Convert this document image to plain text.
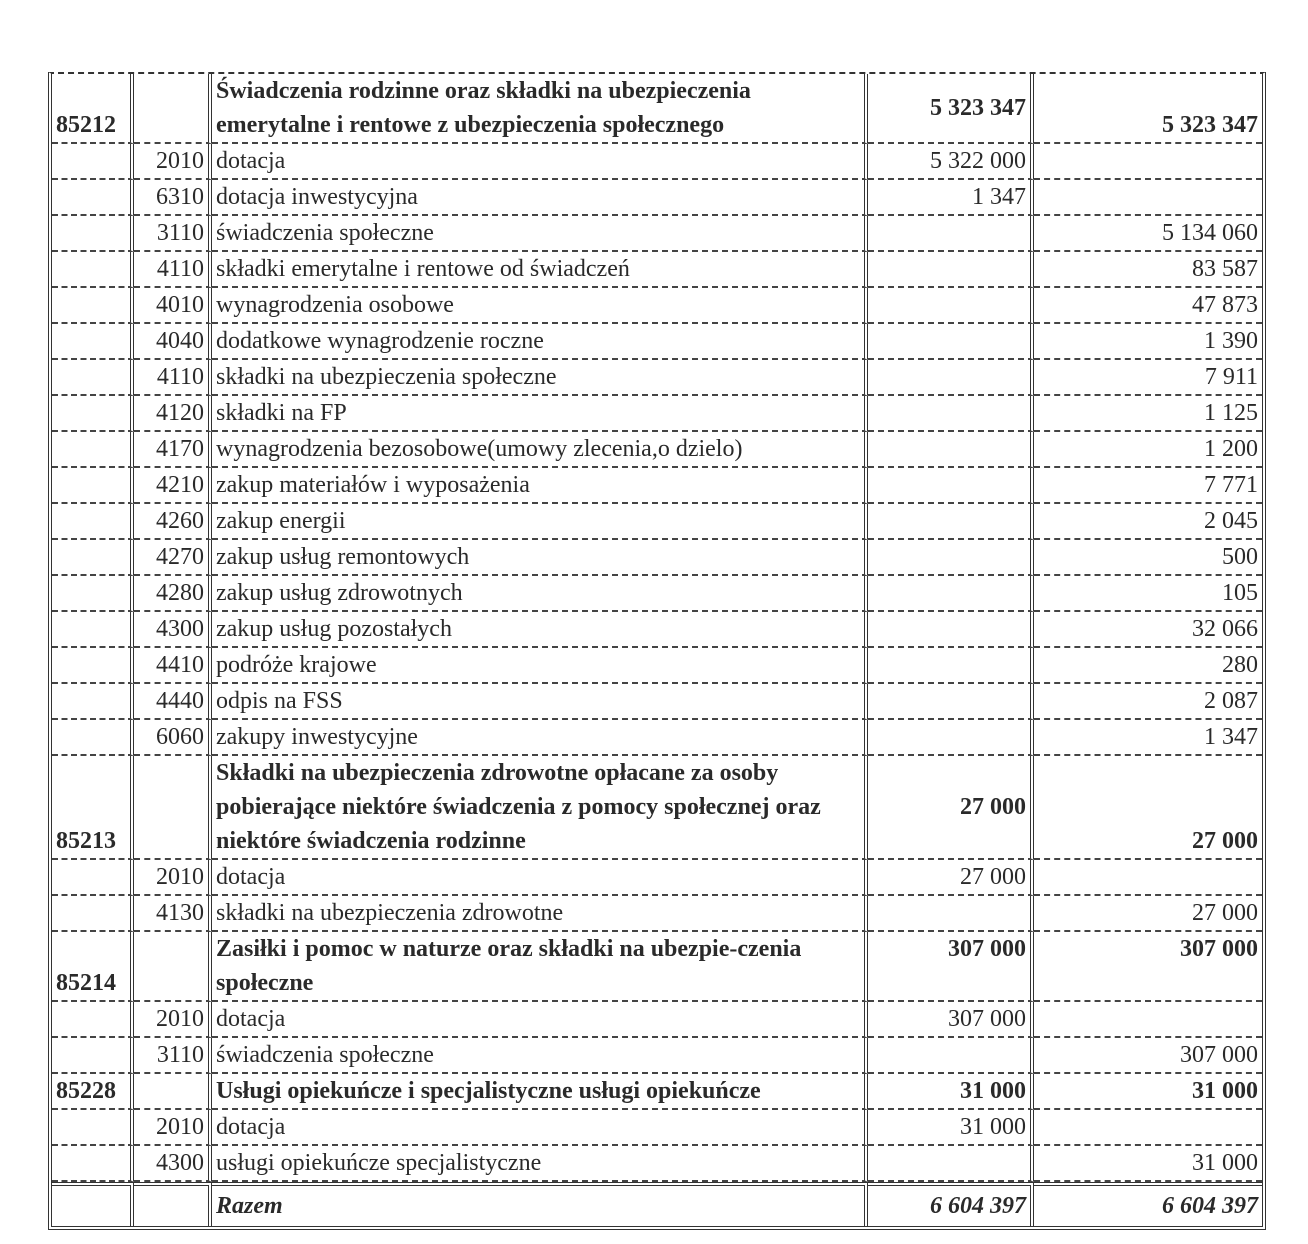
85212		Świadczenia rodzinne oraz składki na ubezpieczenia emerytalne i rentowe z ubezpieczenia społecznego	5 323 347	5 323 347
	2010	dotacja	5 322 000	
	6310	dotacja inwestycyjna	1 347	
	3110	świadczenia społeczne		5 134 060
	4110	składki emerytalne i rentowe od świadczeń		83 587
	4010	wynagrodzenia osobowe		47 873
	4040	dodatkowe wynagrodzenie roczne		1 390
	4110	składki na ubezpieczenia społeczne		7 911
	4120	składki na FP		1 125
	4170	wynagrodzenia bezosobowe(umowy zlecenia,o dzielo)		1 200
	4210	zakup materiałów i wyposażenia		7 771
	4260	zakup energii		2 045
	4270	zakup usług remontowych		500
	4280	zakup usług zdrowotnych		105
	4300	zakup usług pozostałych		32 066
	4410	podróże krajowe		280
	4440	odpis na FSS		2 087
	6060	zakupy inwestycyjne		1 347
85213		Składki na ubezpieczenia zdrowotne opłacane za osoby pobierające niektóre świadczenia z pomocy społecznej oraz niektóre świadczenia rodzinne	27 000	27 000
	2010	dotacja	27 000	
	4130	składki na ubezpieczenia zdrowotne		27 000
85214		Zasiłki i pomoc w naturze oraz składki na ubezpie-czenia społeczne	307 000	307 000
	2010	dotacja	307 000	
	3110	świadczenia społeczne		307 000
85228		Usługi opiekuńcze i specjalistyczne usługi opiekuńcze	31 000	31 000
	2010	dotacja	31 000	
	4300	usługi opiekuńcze specjalistyczne		31 000
		Razem	6 604 397	6 604 397
